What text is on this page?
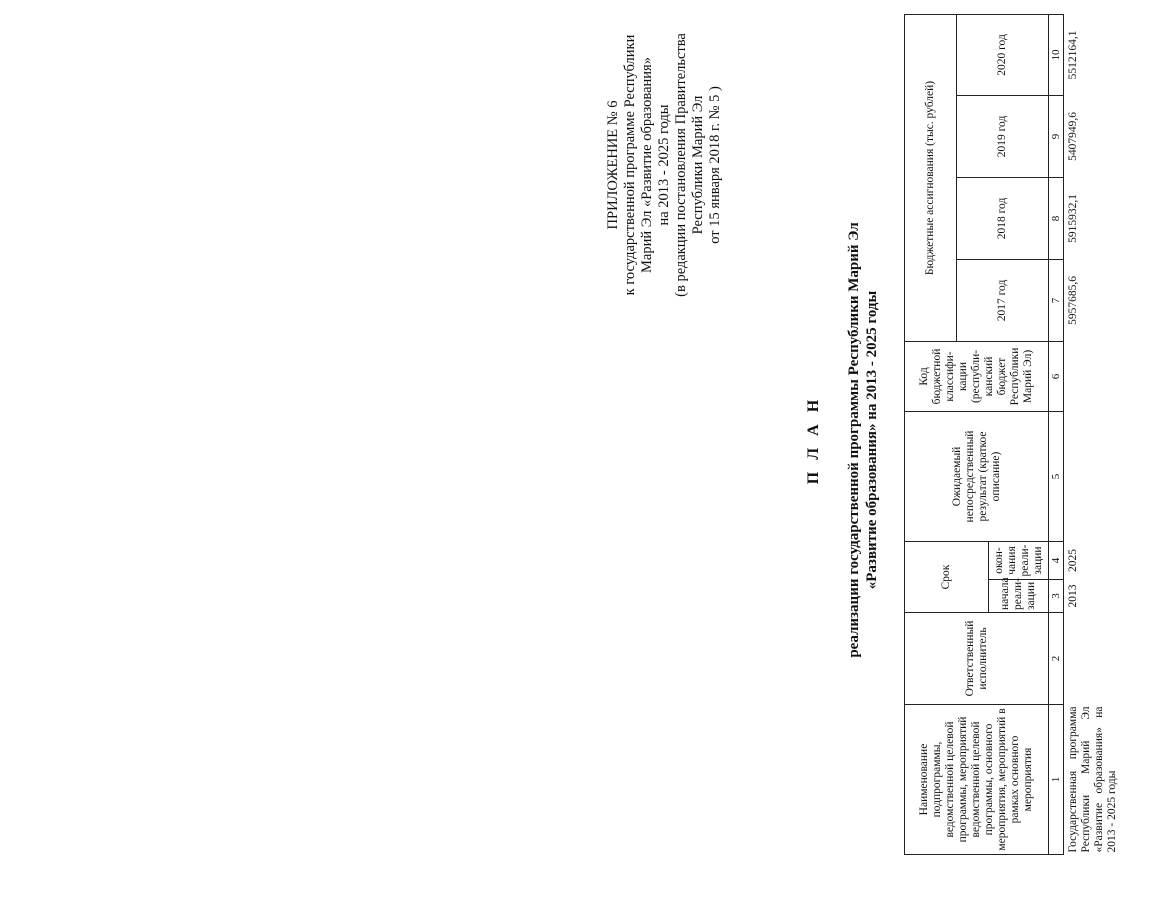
ПРИЛОЖЕНИЕ № 6 к государственной программе Республики Марий Эл «Развитие образования» на 2013 - 2025 годы (в редакции постановления Правительства Республики Марий Эл от 15 января 2018 г. № 5 )
П Л А Н реализации государственной программы Республики Марий Эл «Развитие образования» на 2013 - 2025 годы
Наименование подпрограммы, ведомственной целевой программы, мероприятий ведомственной целевой программы, основного мероприятия, мероприятий в рамках основного мероприятия	Ответственный исполнитель	Срок		Ожидаемый непосредственный результат (краткое описание)	Код бюджетной классифи-кации (республи-канский бюджет Республики Марий Эл)	Бюджетные ассигнования (тыс. рублей)			
						2017 год	2018 год	2019 год	2020 год
		начала реали-зации	окон-чания реали-зации						
1	2	3	4	5	6	7	8	9	10
Государственная программа Республики Марий Эл «Развитие образования» на 2013 - 2025 годы		2013	2025			5957685,6	5915932,1	5407949,6	5512164,1
